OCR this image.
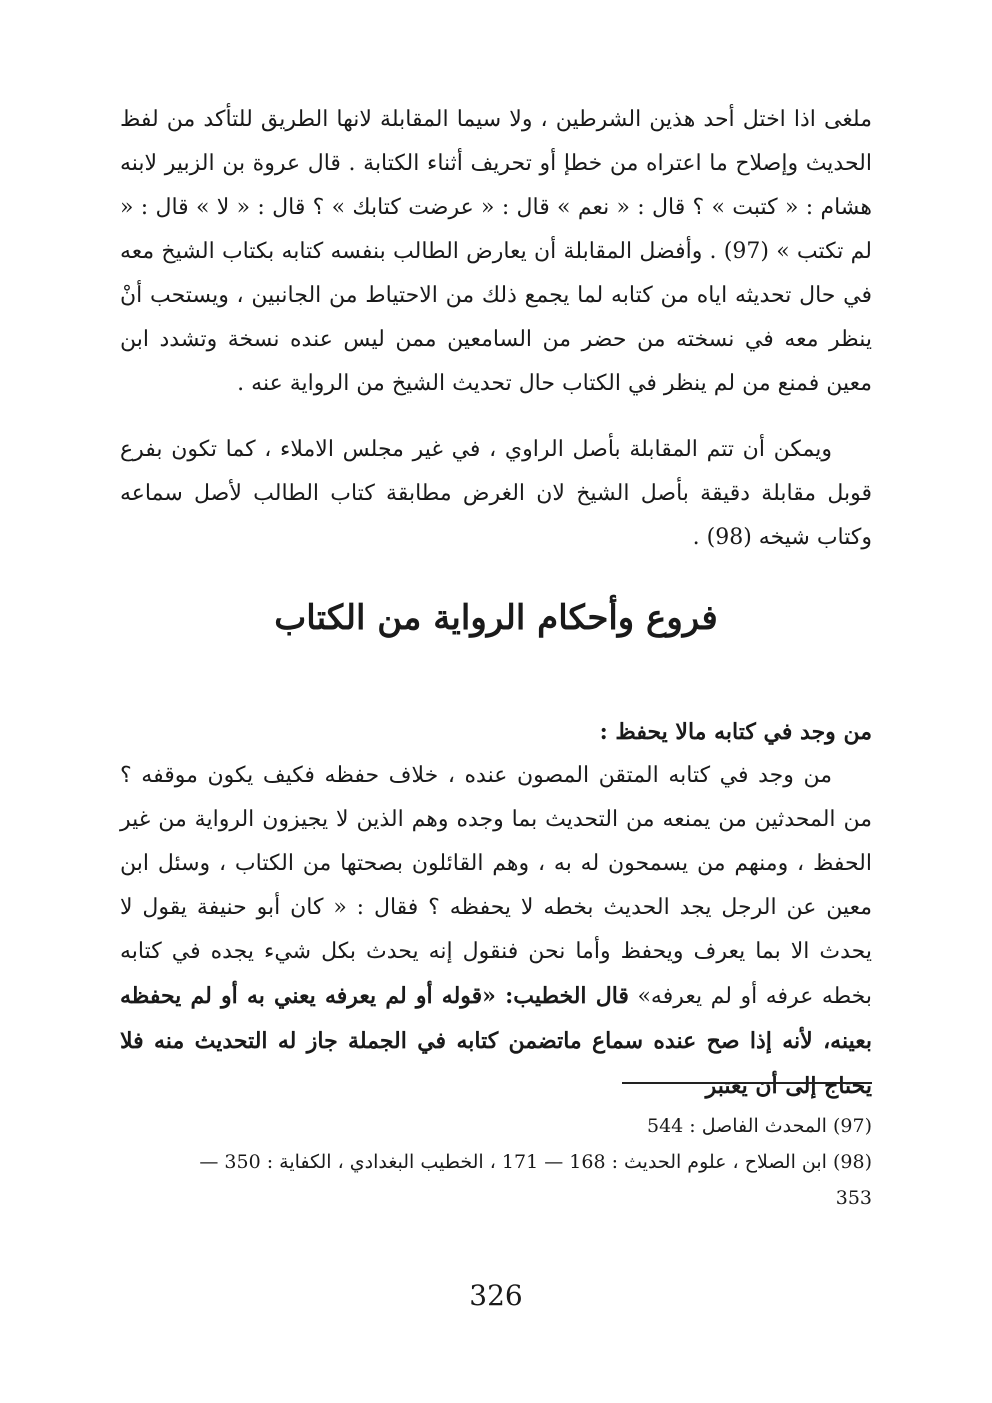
ملغى اذا اختل أحد هذين الشرطين ، ولا سيما المقابلة لانها الطريق للتأكد من لفظ الحديث وإصلاح ما اعتراه من خطإ أو تحريف أثناء الكتابة . قال عروة بن الزبير لابنه هشام : « كتبت » ؟ قال : « نعم » قال : « عرضت كتابك » ؟ قال : « لا » قال : « لم تكتب » (97) . وأفضل المقابلة أن يعارض الطالب بنفسه كتابه بكتاب الشيخ معه في حال تحديثه اياه من كتابه لما يجمع ذلك من الاحتياط من الجانبين ، ويستحب أنْ ينظر معه في نسخته من حضر من السامعين ممن ليس عنده نسخة وتشدد ابن معين فمنع من لم ينظر في الكتاب حال تحديث الشيخ من الرواية عنه .

ويمكن أن تتم المقابلة بأصل الراوي ، في غير مجلس الاملاء ، كما تكون بفرع قوبل مقابلة دقيقة بأصل الشيخ لان الغرض مطابقة كتاب الطالب لأصل سماعه وكتاب شيخه (98) .

فروع وأحكام الرواية من الكتاب
من وجد في كتابه مالا يحفظ :

من وجد في كتابه المتقن المصون عنده ، خلاف حفظه فكيف يكون موقفه ؟ من المحدثين من يمنعه من التحديث بما وجده وهم الذين لا يجيزون الرواية من غير الحفظ ، ومنهم من يسمحون له به ، وهم القائلون بصحتها من الكتاب ، وسئل ابن معين عن الرجل يجد الحديث بخطه لا يحفظه ؟ فقال : « كان أبو حنيفة يقول لا يحدث الا بما يعرف ويحفظ وأما نحن فنقول إنه يحدث بكل شيء يجده في كتابه بخطه عرفه أو لم يعرفه» قال الخطيب: «قوله أو لم يعرفه يعني به أو لم يحفظه بعينه، لأنه إذا صح عنده سماع ماتضمن كتابه في الجملة جاز له التحديث منه فلا يحتاج إلى أن يعتبر

(97) المحدث الفاصل : 544

(98) ابن الصلاح ، علوم الحديث : 168 — 171 ، الخطيب البغدادي ، الكفاية : 350 —
353

326
